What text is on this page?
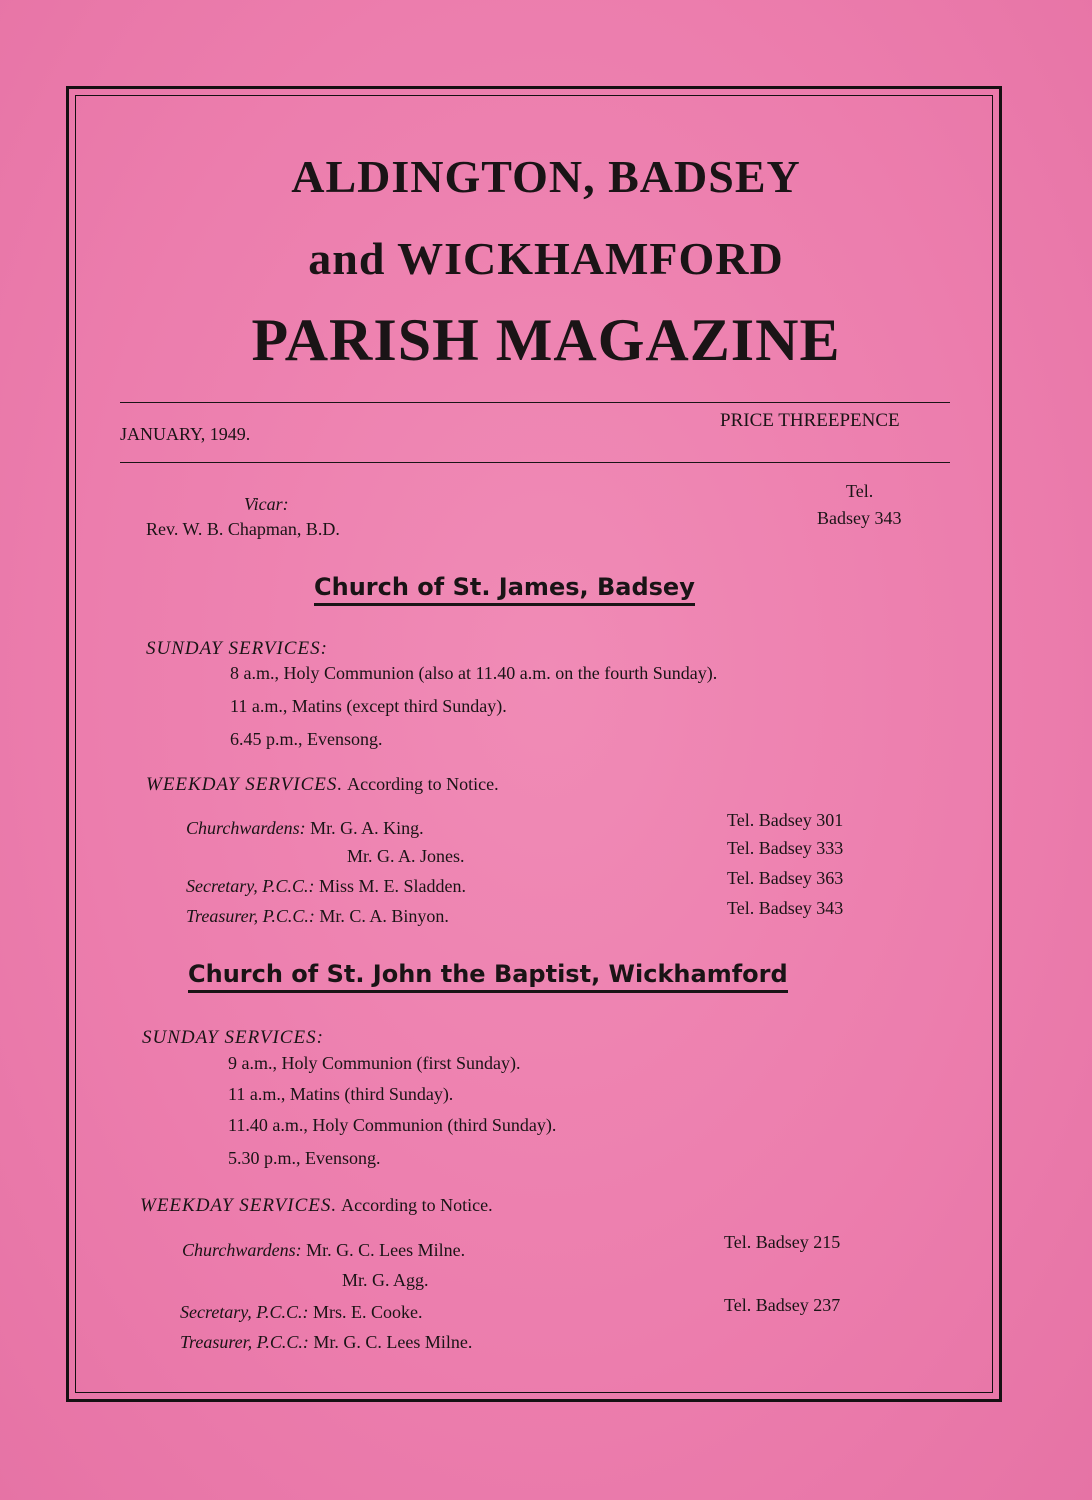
ALDINGTON, BADSEY
and WICKHAMFORD
PARISH MAGAZINE
JANUARY, 1949.
PRICE THREEPENCE
Vicar:
Rev. W. B. Chapman, B.D.
Tel.
Badsey 343
Church of St. James, Badsey
SUNDAY SERVICES:
8 a.m., Holy Communion (also at 11.40 a.m. on the fourth Sunday).
11 a.m., Matins (except third Sunday).
6.45 p.m., Evensong.
WEEKDAY SERVICES. According to Notice.
Churchwardens: Mr. G. A. King.	Tel. Badsey 301
Mr. G. A. Jones.	Tel. Badsey 333
Secretary, P.C.C.: Miss M. E. Sladden.	Tel. Badsey 363
Treasurer, P.C.C.: Mr. C. A. Binyon.	Tel. Badsey 343
Church of St. John the Baptist, Wickhamford
SUNDAY SERVICES:
9 a.m., Holy Communion (first Sunday).
11 a.m., Matins (third Sunday).
11.40 a.m., Holy Communion (third Sunday).
5.30 p.m., Evensong.
WEEKDAY SERVICES. According to Notice.
Churchwardens: Mr. G. C. Lees Milne.	Tel. Badsey 215
Mr. G. Agg.
Secretary, P.C.C.: Mrs. E. Cooke.	Tel. Badsey 237
Treasurer, P.C.C.: Mr. G. C. Lees Milne.
